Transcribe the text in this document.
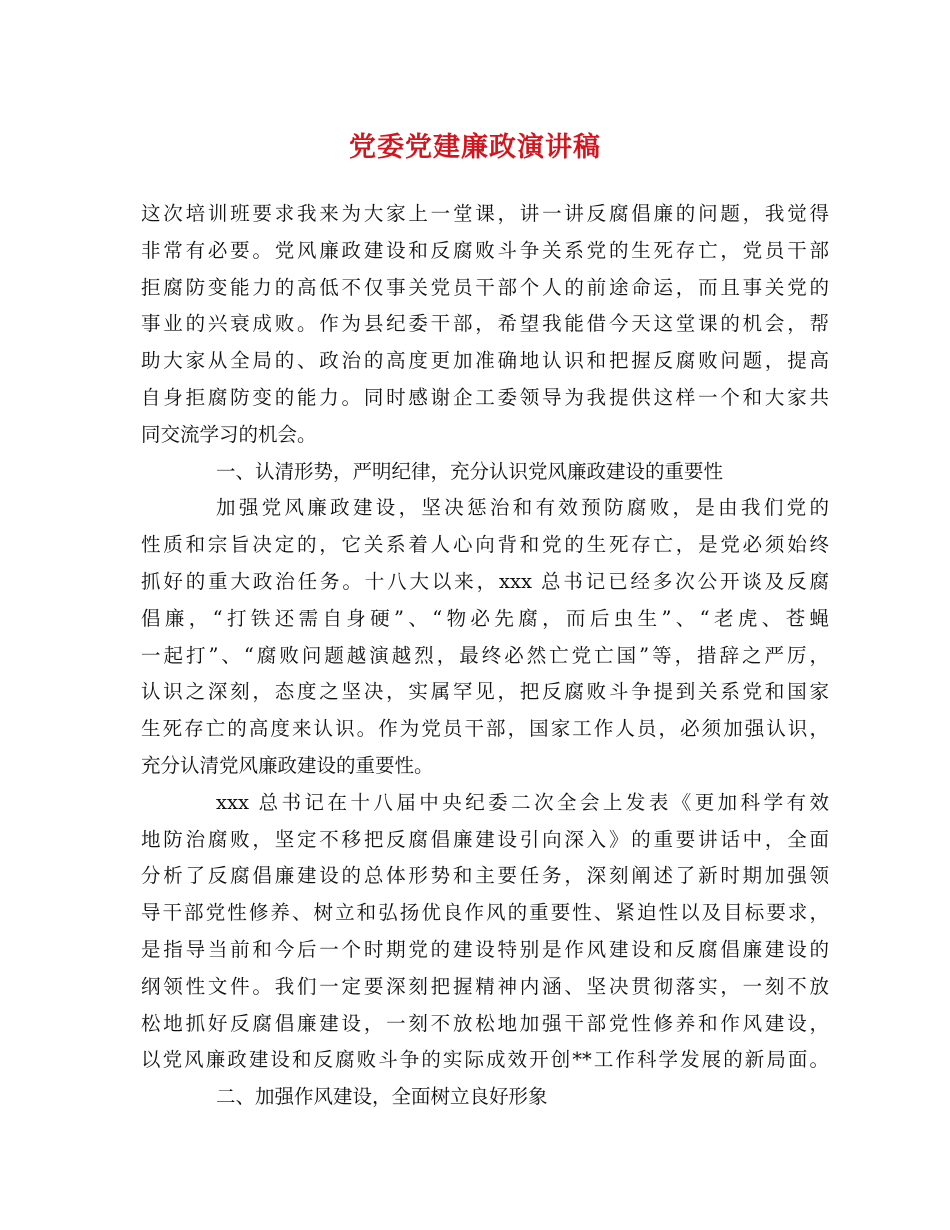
党委党建廉政演讲稿
这次培训班要求我来为大家上一堂课，讲一讲反腐倡廉的问题，我觉得
非常有必要。党风廉政建设和反腐败斗争关系党的生死存亡，党员干部
拒腐防变能力的高低不仅事关党员干部个人的前途命运，而且事关党的
事业的兴衰成败。作为县纪委干部，希望我能借今天这堂课的机会，帮
助大家从全局的、政治的高度更加准确地认识和把握反腐败问题，提高
自身拒腐防变的能力。同时感谢企工委领导为我提供这样一个和大家共
同交流学习的机会。
一、认清形势，严明纪律，充分认识党风廉政建设的重要性
加强党风廉政建设，坚决惩治和有效预防腐败，是由我们党的
性质和宗旨决定的，它关系着人心向背和党的生死存亡，是党必须始终
抓好的重大政治任务。十八大以来，xxx 总书记已经多次公开谈及反腐
倡廉，“打铁还需自身硬”、“物必先腐，而后虫生”、“老虎、苍蝇
一起打”、“腐败问题越演越烈，最终必然亡党亡国”等，措辞之严厉，
认识之深刻，态度之坚决，实属罕见，把反腐败斗争提到关系党和国家
生死存亡的高度来认识。作为党员干部，国家工作人员，必须加强认识，
充分认清党风廉政建设的重要性。
xxx 总书记在十八届中央纪委二次全会上发表《更加科学有效
地防治腐败，坚定不移把反腐倡廉建设引向深入》的重要讲话中，全面
分析了反腐倡廉建设的总体形势和主要任务，深刻阐述了新时期加强领
导干部党性修养、树立和弘扬优良作风的重要性、紧迫性以及目标要求，
是指导当前和今后一个时期党的建设特别是作风建设和反腐倡廉建设的
纲领性文件。我们一定要深刻把握精神内涵、坚决贯彻落实，一刻不放
松地抓好反腐倡廉建设，一刻不放松地加强干部党性修养和作风建设，
以党风廉政建设和反腐败斗争的实际成效开创**工作科学发展的新局面。
二、加强作风建设，全面树立良好形象
